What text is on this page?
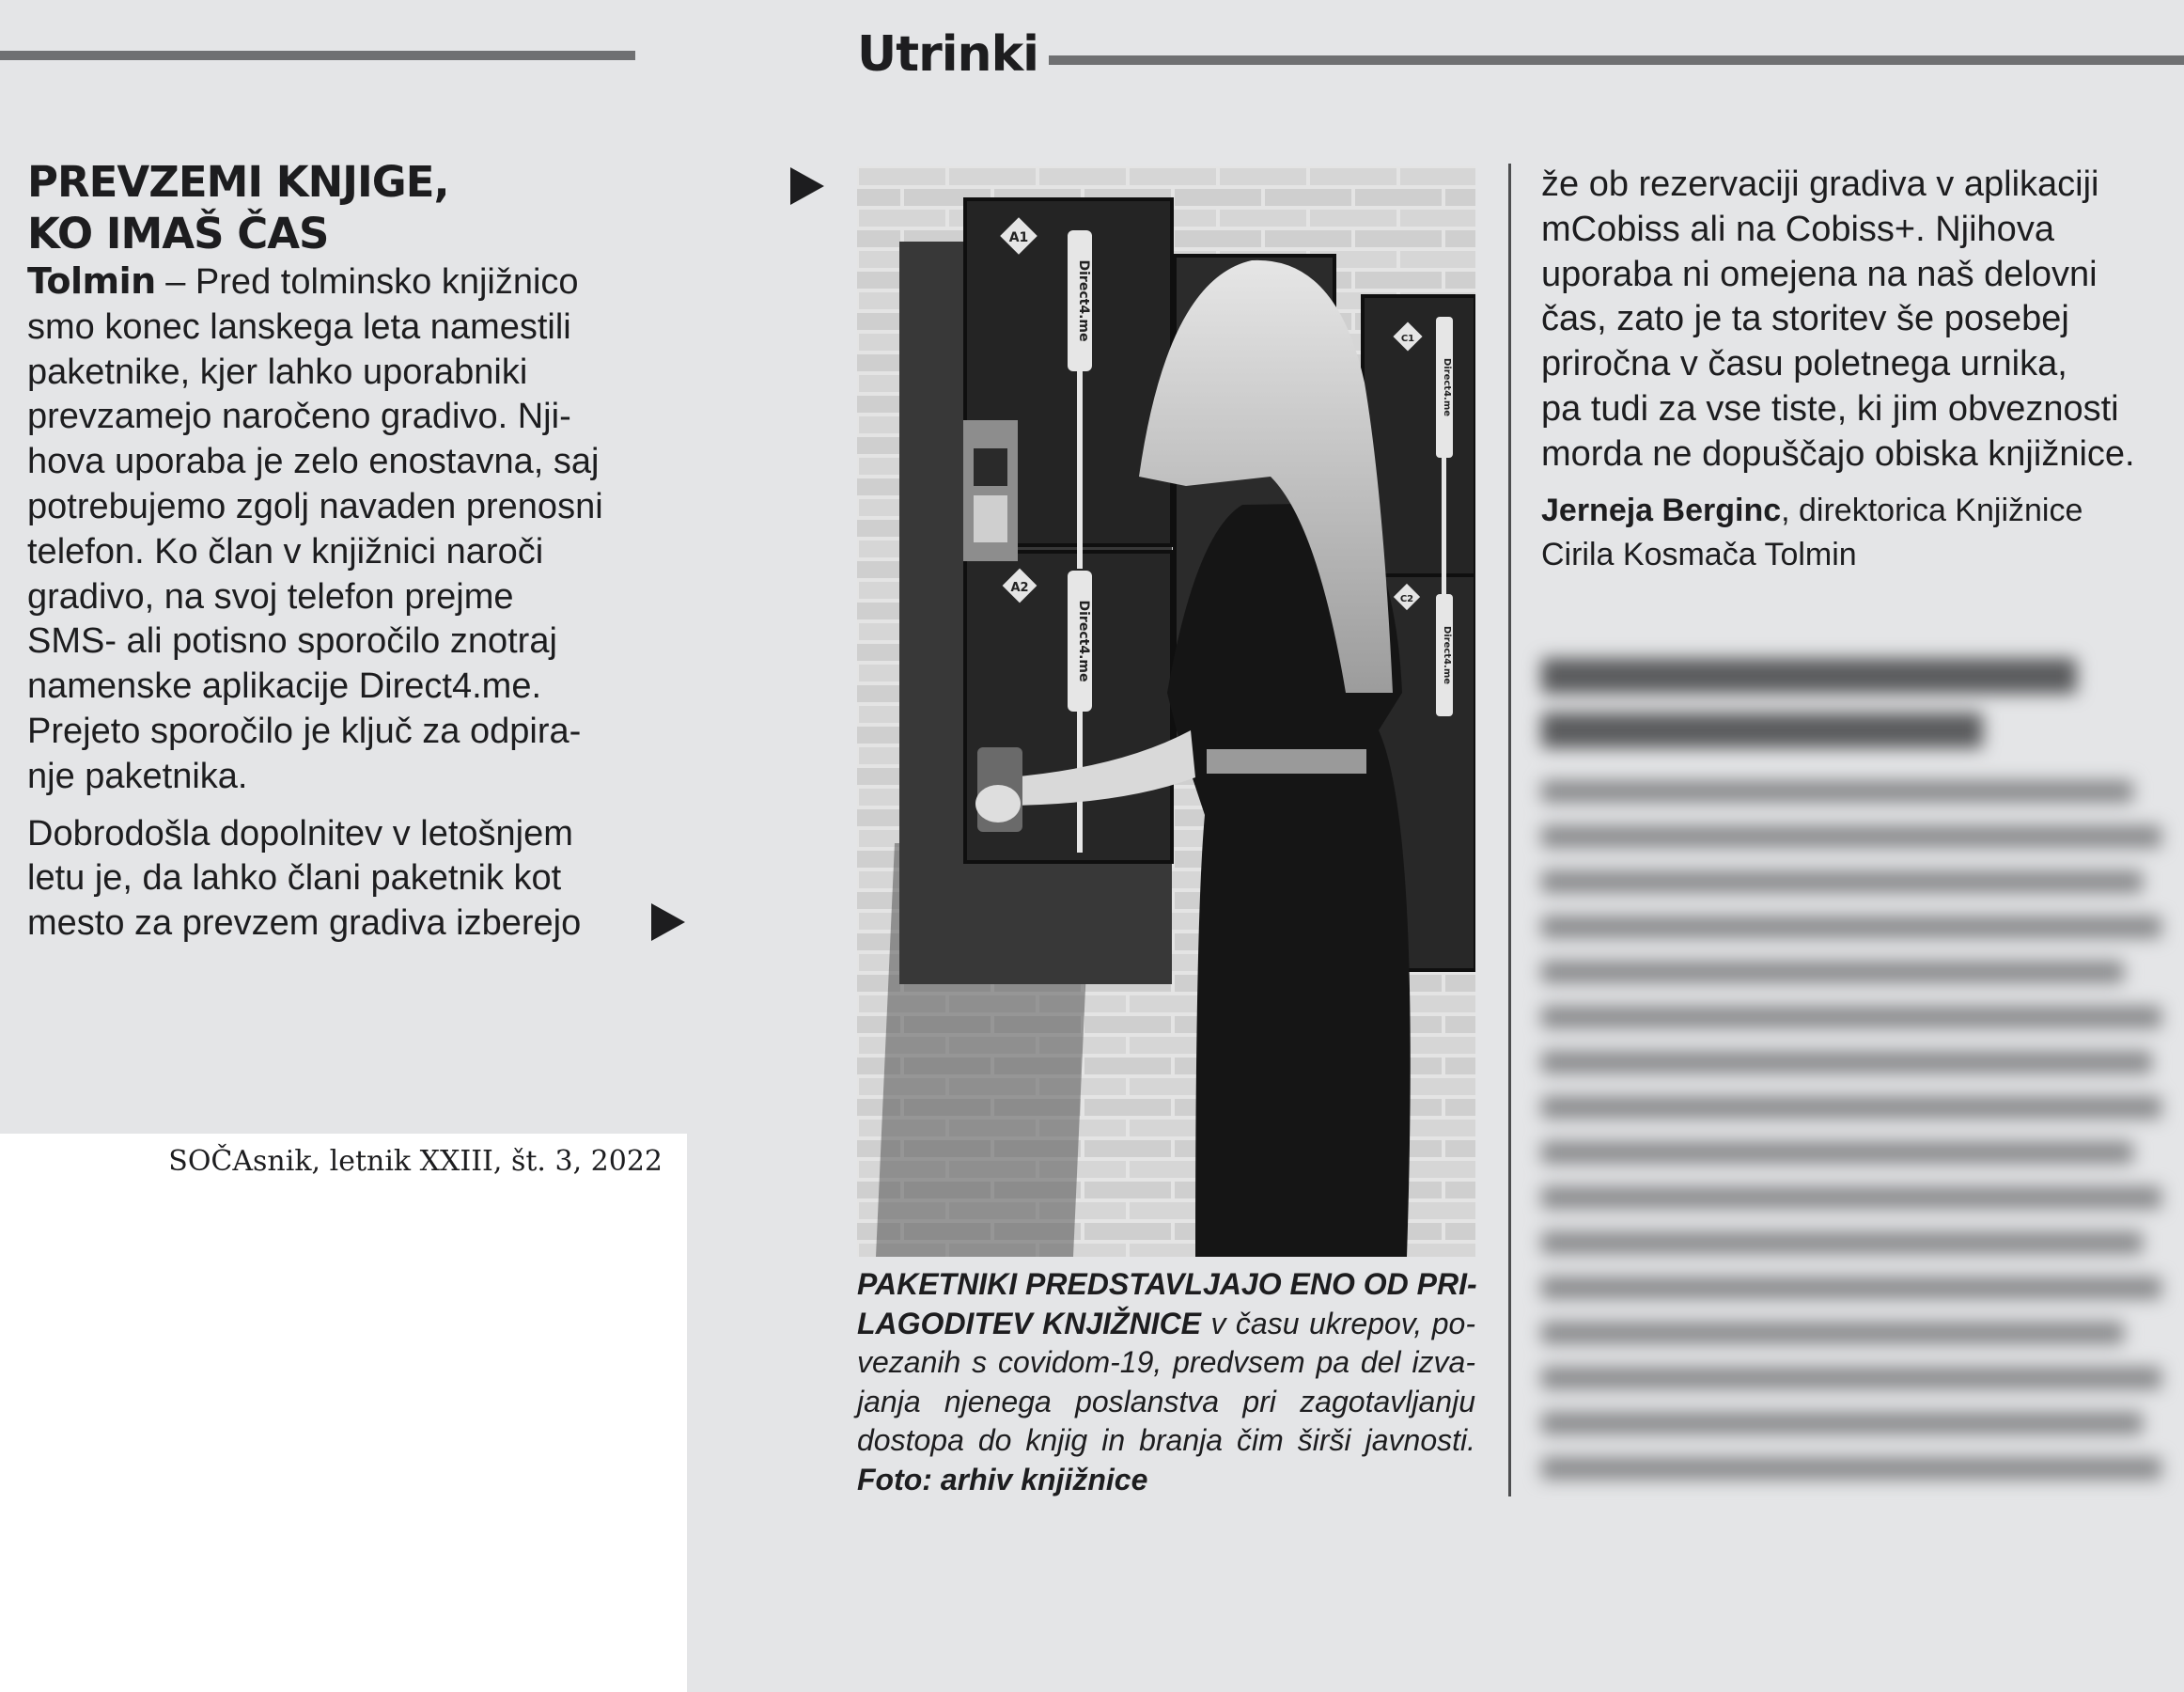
Utrinki
PREVZEMI KNJIGE,
KO IMAŠ ČAS

Tolmin – Pred tolminsko knjižnico
smo konec lanskega leta namestili
paketnike, kjer lahko uporabniki
prevzamejo naročeno gradivo. Nji-
hova uporaba je zelo enostavna, saj
potrebujemo zgolj navaden prenosni
telefon. Ko član v knjižnici naroči
gradivo, na svoj telefon prejme
SMS- ali potisno sporočilo znotraj
namenske aplikacije Direct4.me.
Prejeto sporočilo je ključ za odpira-
nje paketnika.

Dobrodošla dopolnitev v letošnjem
letu je, da lahko člani paketnik kot
mesto za prevzem gradiva izberejo

SOČAsnik, letnik XXIII, št. 3, 2022
A1
A2
C1
C2
Direct4.me
Direct4.me
Direct4.me
Direct4.me
PAKETNIKI PREDSTAVLJAJO ENO OD PRI-
LAGODITEV KNJIŽNICE v času ukrepov, po-
vezanih s covidom-19, predvsem pa del izva-
janja njenega poslanstva pri zagotavljanju
dostopa do knjig in branja čim širši javnosti.
Foto: arhiv knjižnice

že ob rezervaciji gradiva v aplikaciji
mCobiss ali na Cobiss+. Njihova
uporaba ni omejena na naš delovni
čas, zato je ta storitev še posebej
priročna v času poletnega urnika,
pa tudi za vse tiste, ki jim obveznosti
morda ne dopuščajo obiska knjižnice.

Jerneja Berginc, direktorica Knjižnice
Cirila Kosmača Tolmin
